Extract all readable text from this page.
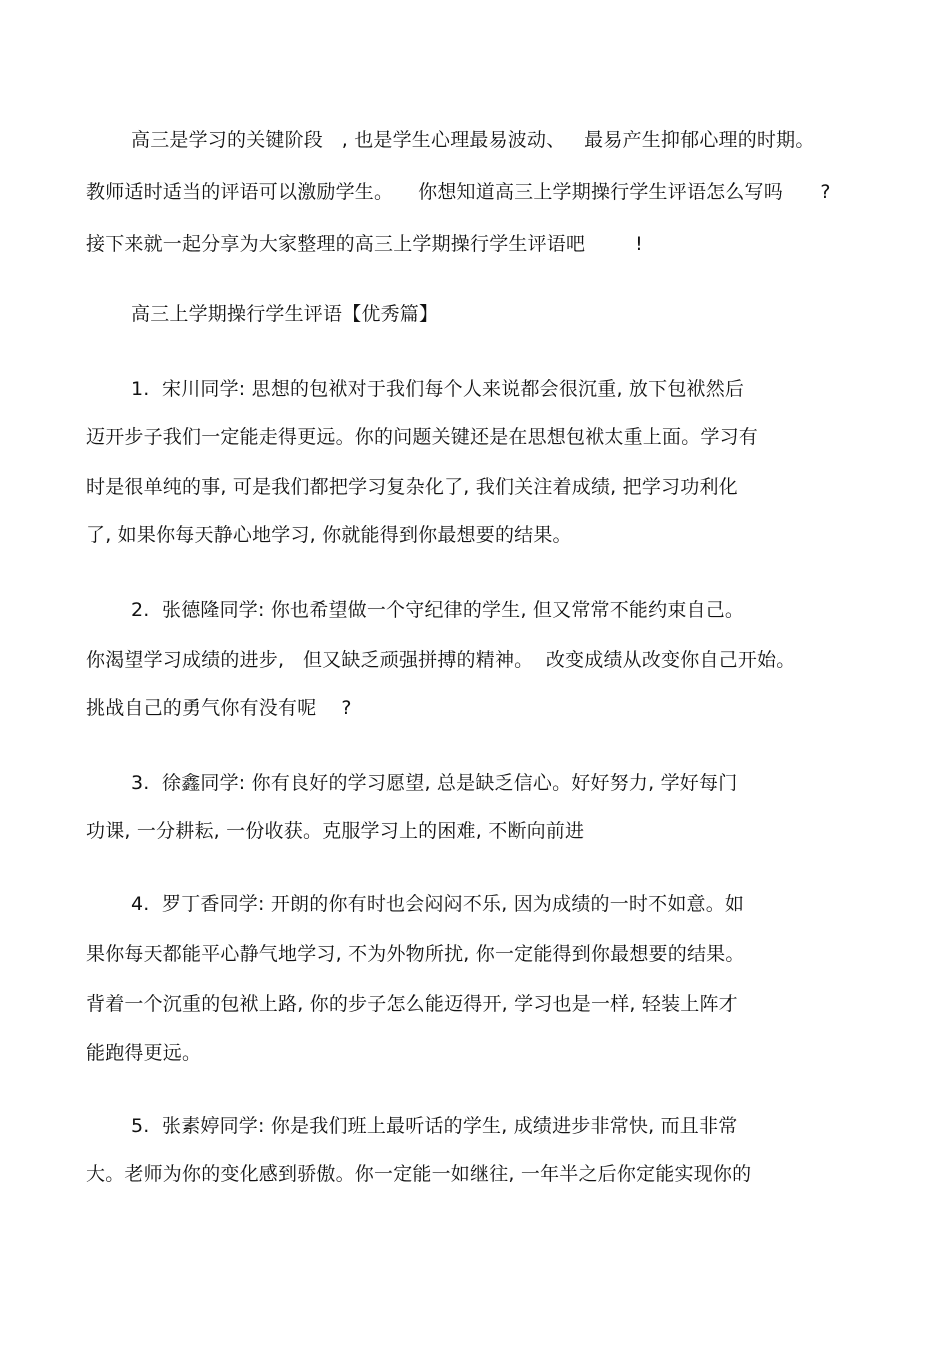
高三是学习的关键阶段   , 也是学生心理最易波动、   最易产生抑郁心理的时期。
教师适时适当的评语可以激励学生。    你想知道高三上学期操行学生评语怎么写吗      ?
接下来就一起分享为大家整理的高三上学期操行学生评语吧        !
高三上学期操行学生评语【优秀篇】
1.  宋川同学: 思想的包袱对于我们每个人来说都会很沉重, 放下包袱然后
迈开步子我们一定能走得更远。你的问题关键还是在思想包袱太重上面。学习有
时是很单纯的事, 可是我们都把学习复杂化了, 我们关注着成绩, 把学习功利化
了, 如果你每天静心地学习, 你就能得到你最想要的结果。
2.  张德隆同学: 你也希望做一个守纪律的学生, 但又常常不能约束自己。
你渴望学习成绩的进步,   但又缺乏顽强拼搏的精神。  改变成绩从改变你自己开始。
挑战自己的勇气你有没有呢    ?
3.  徐鑫同学: 你有良好的学习愿望, 总是缺乏信心。好好努力, 学好每门
功课, 一分耕耘, 一份收获。克服学习上的困难, 不断向前进
4.  罗丁香同学: 开朗的你有时也会闷闷不乐, 因为成绩的一时不如意。如
果你每天都能平心静气地学习, 不为外物所扰, 你一定能得到你最想要的结果。
背着一个沉重的包袱上路, 你的步子怎么能迈得开, 学习也是一样, 轻装上阵才
能跑得更远。
5.  张素婷同学: 你是我们班上最听话的学生, 成绩进步非常快, 而且非常
大。老师为你的变化感到骄傲。你一定能一如继往, 一年半之后你定能实现你的
